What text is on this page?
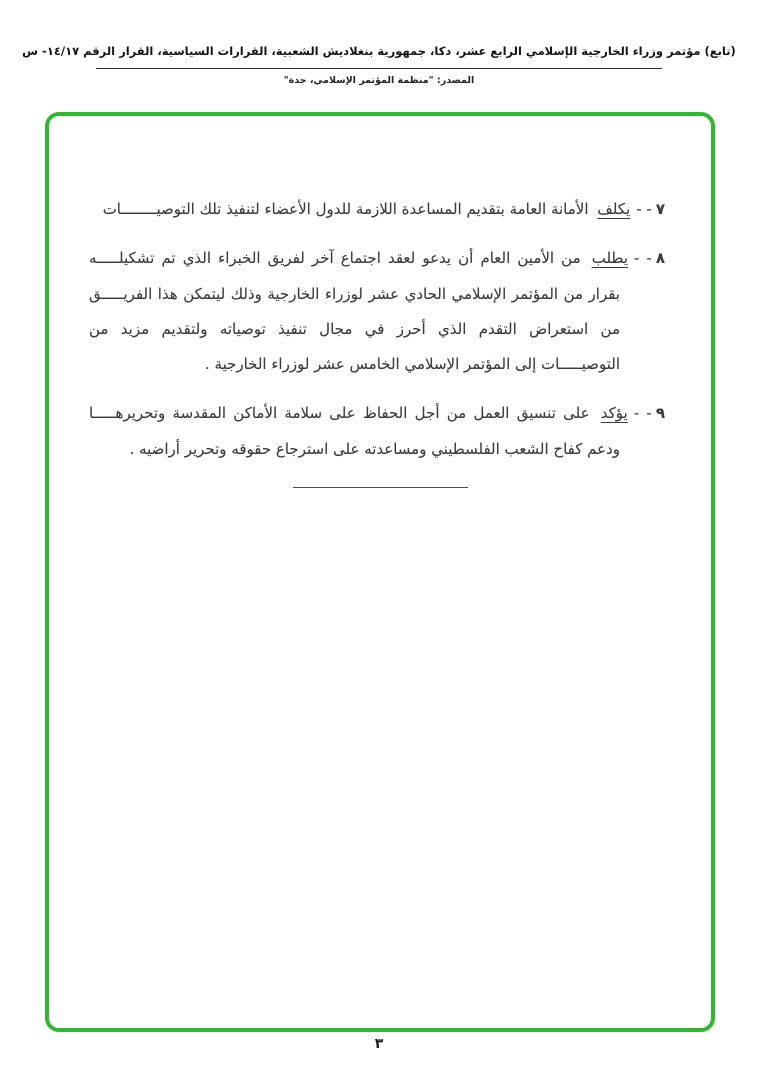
(تابع) مؤتمر وزراء الخارجية الإسلامي الرابع عشر، دكا، جمهورية بنغلاديش الشعبية، القرارات السياسية، القرار الرقم ١٤/١٧- س
المصدر: "منظمة المؤتمر الإسلامي، جدة"
٧- -يكلف الأمانة العامة بتقديم المساعدة اللازمة للدول الأعضاء لتنفيذ تلك التوصيــــــــات
٨- -يطلب من الأمين العام أن يدعو لعقد اجتماع آخر لفريق الخبراء الذي تم تشكيلـــــه بقرار من المؤتمر الإسلامي الحادي عشر لوزراء الخارجية وذلك ليتمكن هذا الفريـــــق من استعراض التقدم الذي أحرز في مجال تنفيذ توصياته ولتقديم مزيد من التوصيـــــات إلى المؤتمر الإسلامي الخامس عشر لوزراء الخارجية .
٩- -يؤكد على تنسيق العمل من أجل الحفاظ على سلامة الأماكن المقدسة وتحريرهـــــا ودعم كفاح الشعب الفلسطيني ومساعدته على استرجاع حقوقه وتحرير أراضيه .
٣
